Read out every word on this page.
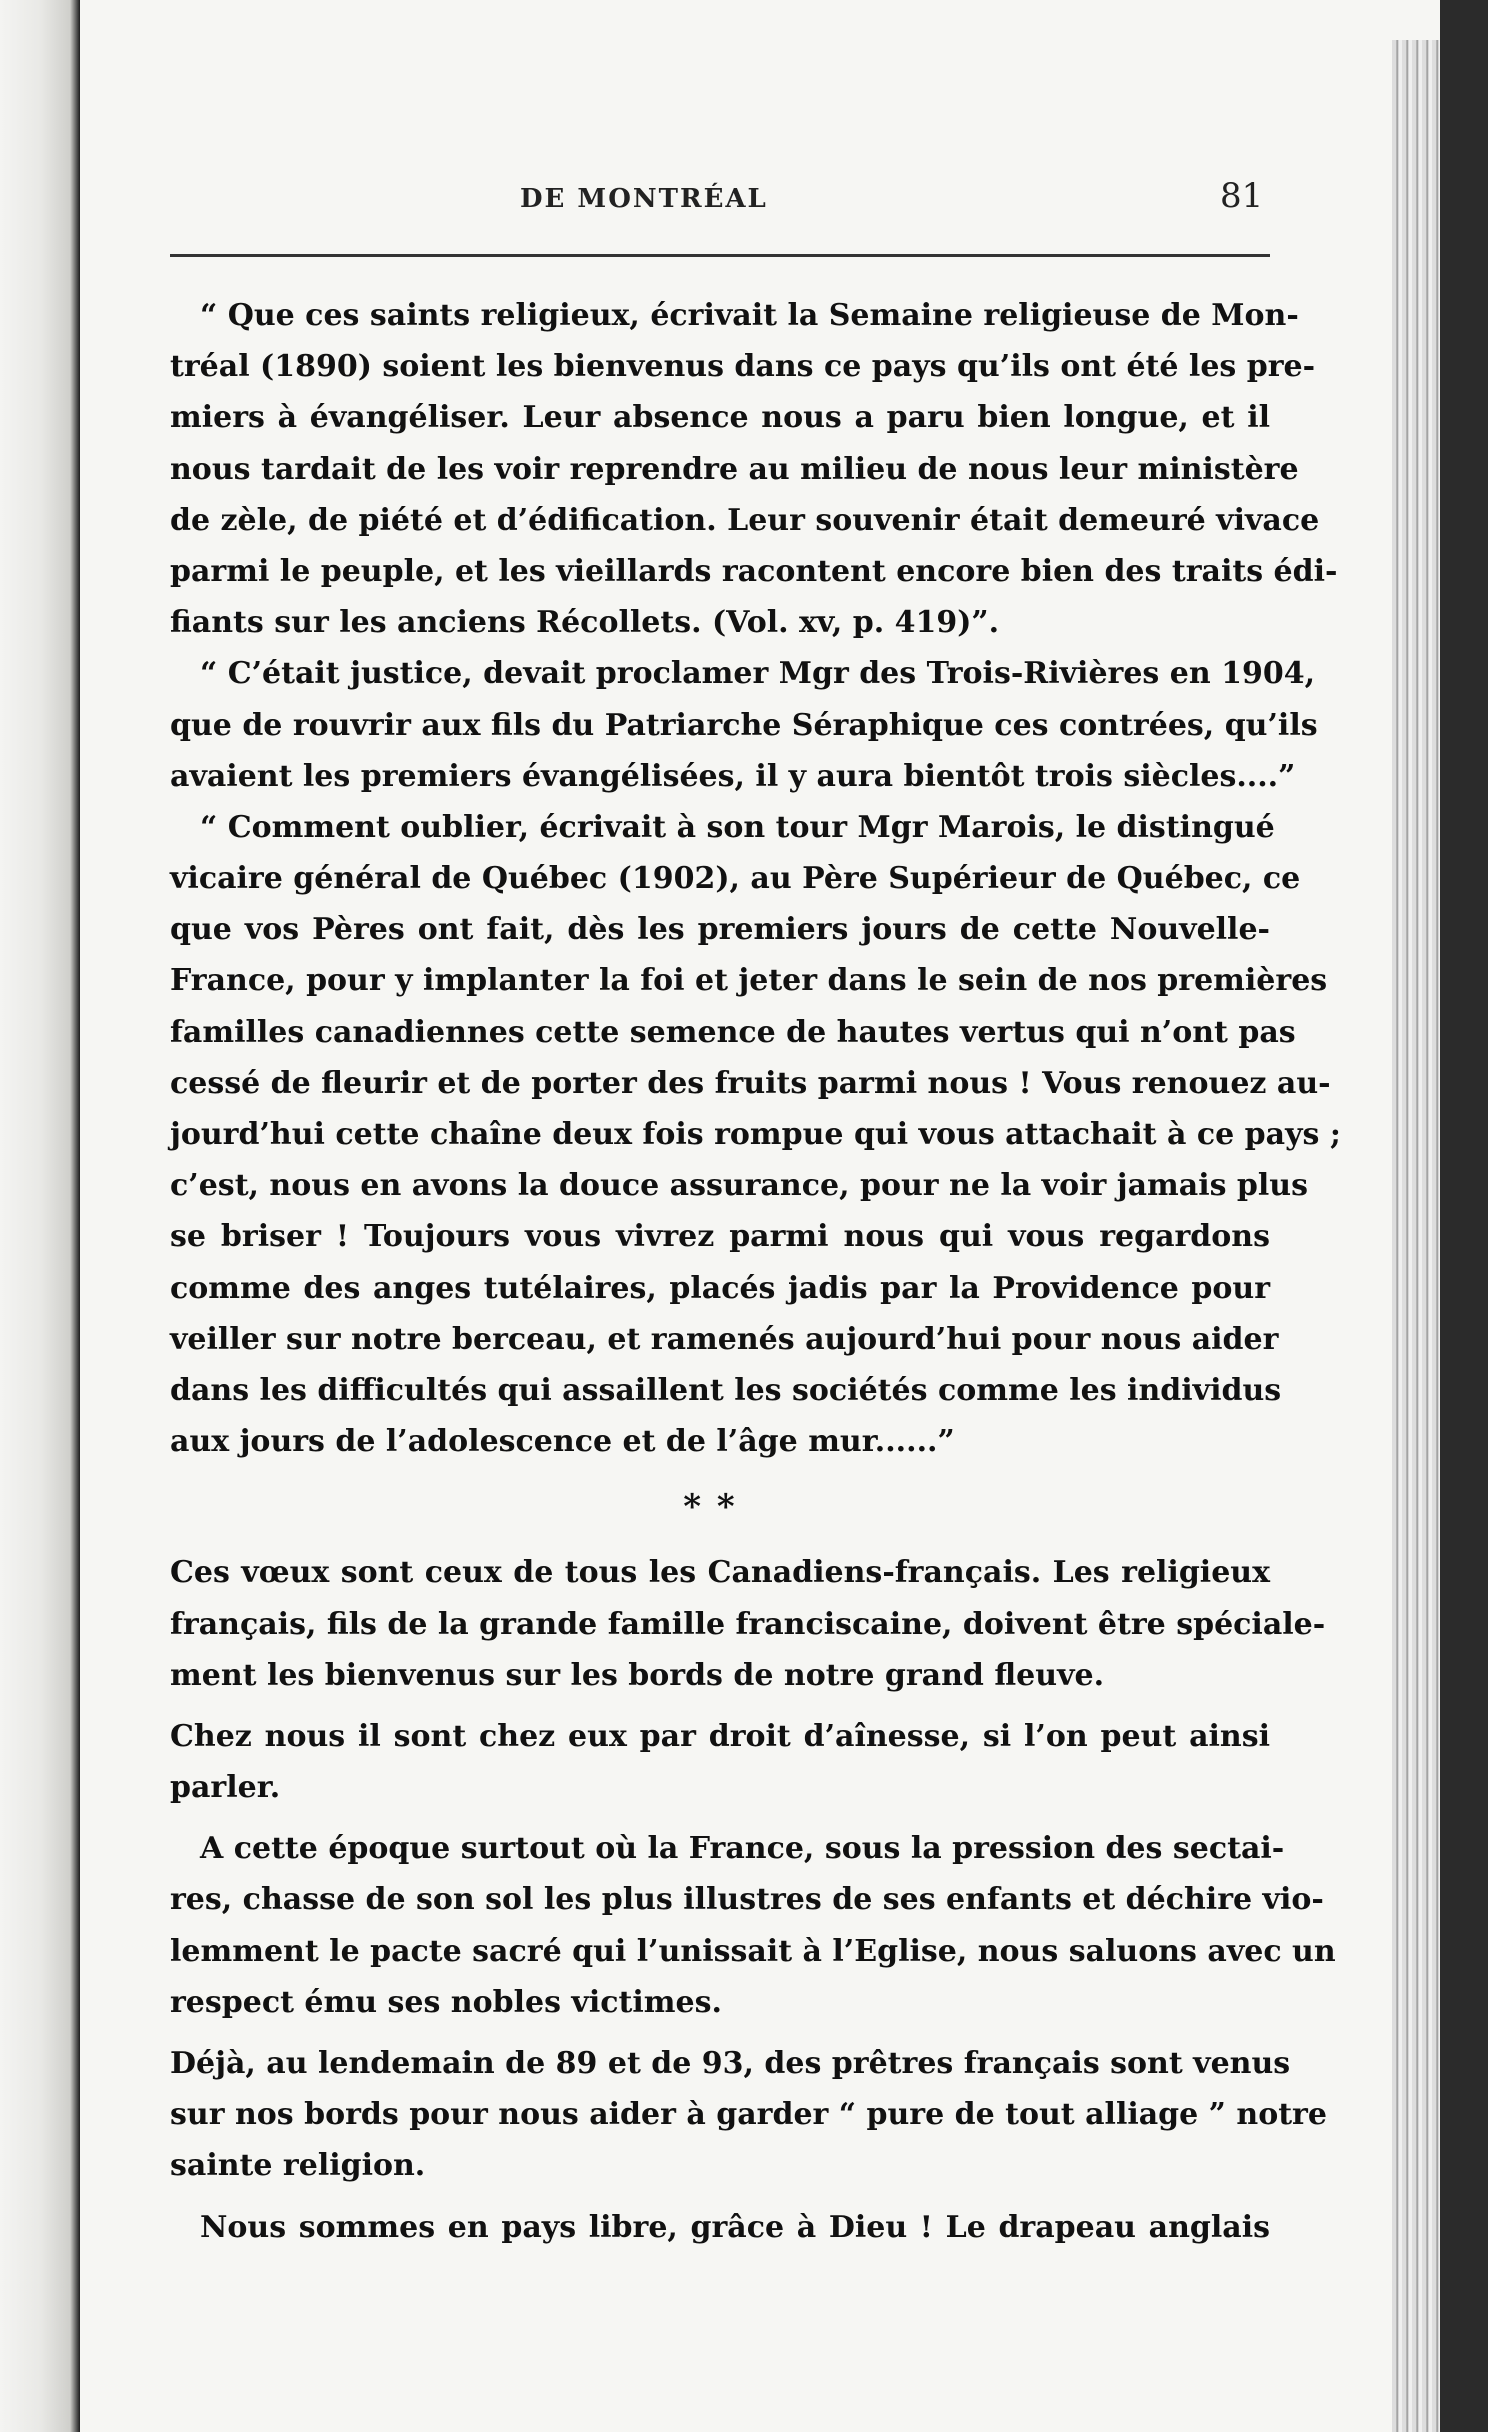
DE MONTRÉAL	81
“ Que ces saints religieux, écrivait la Semaine religieuse de Mon-
tréal (1890) soient les bienvenus dans ce pays qu’ils ont été les pre-
miers à évangéliser. Leur absence nous a paru bien longue, et il
nous tardait de les voir reprendre au milieu de nous leur ministère
de zèle, de piété et d’édification. Leur souvenir était demeuré vivace
parmi le peuple, et les vieillards racontent encore bien des traits édi-
fiants sur les anciens Récollets. (Vol. xv, p. 419)”.
“ C’était justice, devait proclamer Mgr des Trois-Rivières en 1904,
que de rouvrir aux fils du Patriarche Séraphique ces contrées, qu’ils
avaient les premiers évangélisées, il y aura bientôt trois siècles....”
“ Comment oublier, écrivait à son tour Mgr Marois, le distingué
vicaire général de Québec (1902), au Père Supérieur de Québec, ce
que vos Pères ont fait, dès les premiers jours de cette Nouvelle-
France, pour y implanter la foi et jeter dans le sein de nos premières
familles canadiennes cette semence de hautes vertus qui n’ont pas
cessé de fleurir et de porter des fruits parmi nous ! Vous renouez au-
jourd’hui cette chaîne deux fois rompue qui vous attachait à ce pays ;
c’est, nous en avons la douce assurance, pour ne la voir jamais plus
se briser ! Toujours vous vivrez parmi nous qui vous regardons
comme des anges tutélaires, placés jadis par la Providence pour
veiller sur notre berceau, et ramenés aujourd’hui pour nous aider
dans les difficultés qui assaillent les sociétés comme les individus
aux jours de l’adolescence et de l’âge mur......”
* *
Ces vœux sont ceux de tous les Canadiens-français. Les religieux
français, fils de la grande famille franciscaine, doivent être spéciale-
ment les bienvenus sur les bords de notre grand fleuve.
Chez nous il sont chez eux par droit d’aînesse, si l’on peut ainsi
parler.
A cette époque surtout où la France, sous la pression des sectai-
res, chasse de son sol les plus illustres de ses enfants et déchire vio-
lemment le pacte sacré qui l’unissait à l’Eglise, nous saluons avec un
respect ému ses nobles victimes.
Déjà, au lendemain de 89 et de 93, des prêtres français sont venus
sur nos bords pour nous aider à garder “ pure de tout alliage ” notre
sainte religion.
Nous sommes en pays libre, grâce à Dieu ! Le drapeau anglais
